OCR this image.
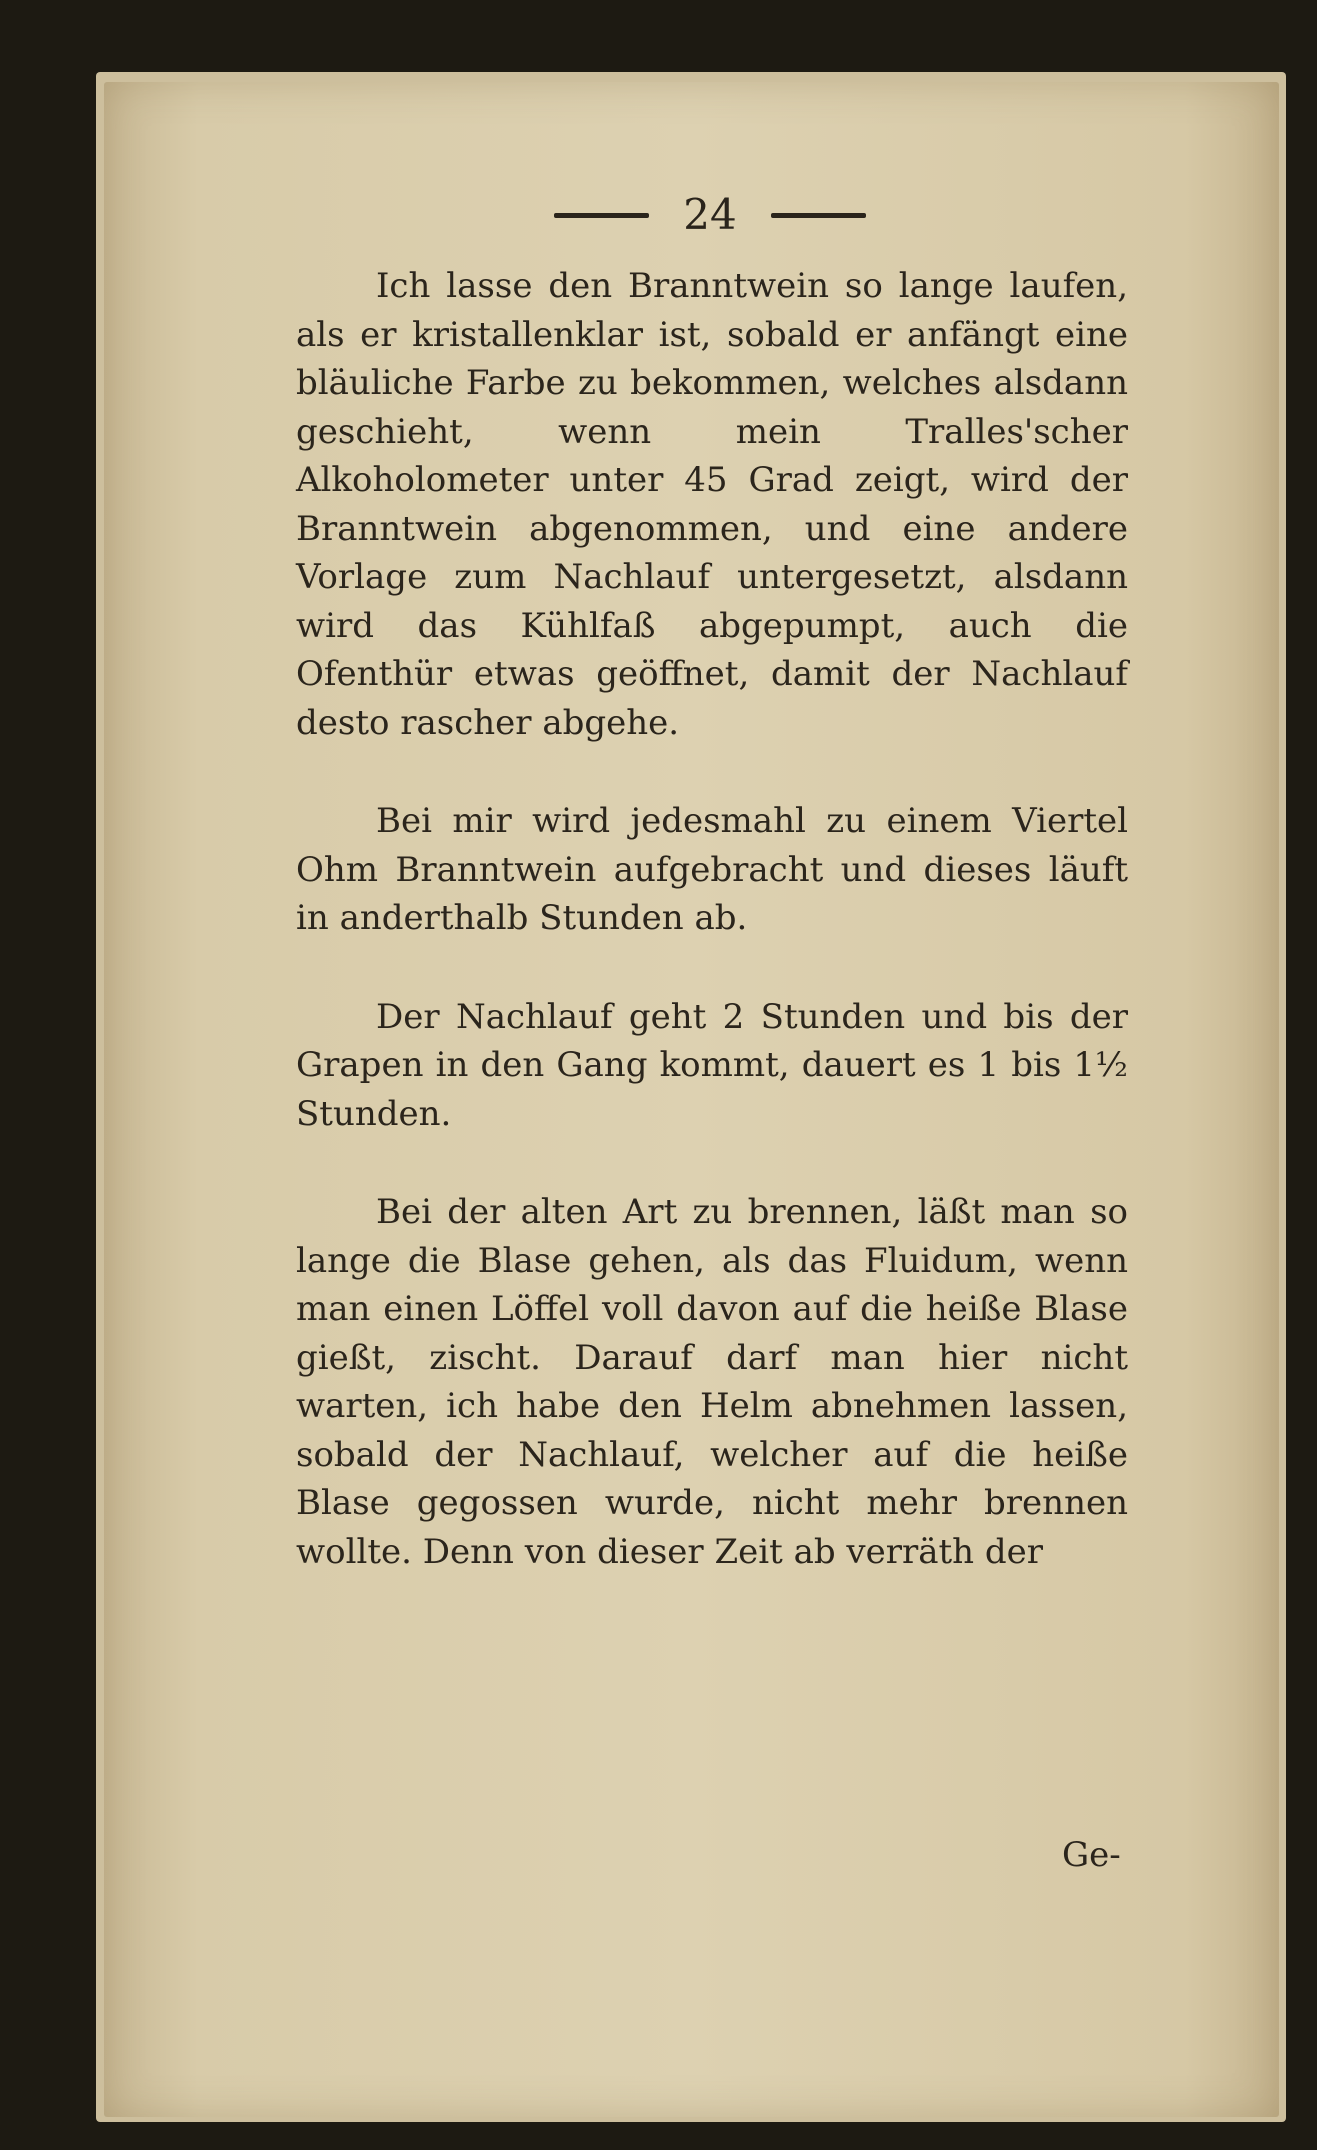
24

Ich lasse den Branntwein so lange laufen, als er kristallenklar ist, sobald er anfängt eine bläuliche Farbe zu bekommen, welches alsdann geschieht, wenn mein Tralles'scher Alkoholometer unter 45 Grad zeigt, wird der Branntwein abgenommen, und eine andere Vorlage zum Nachlauf untergesetzt, alsdann wird das Kühlfaß abgepumpt, auch die Ofenthür etwas geöffnet, damit der Nachlauf desto rascher abgehe.

Bei mir wird jedesmahl zu einem Viertel Ohm Branntwein aufgebracht und dieses läuft in anderthalb Stunden ab.

Der Nachlauf geht 2 Stunden und bis der Grapen in den Gang kommt, dauert es 1 bis 1½ Stunden.

Bei der alten Art zu brennen, läßt man so lange die Blase gehen, als das Fluidum, wenn man einen Löffel voll davon auf die heiße Blase gießt, zischt. Darauf darf man hier nicht warten, ich habe den Helm abnehmen lassen, sobald der Nachlauf, welcher auf die heiße Blase gegossen wurde, nicht mehr brennen wollte. Denn von dieser Zeit ab verräth der

Ge-
